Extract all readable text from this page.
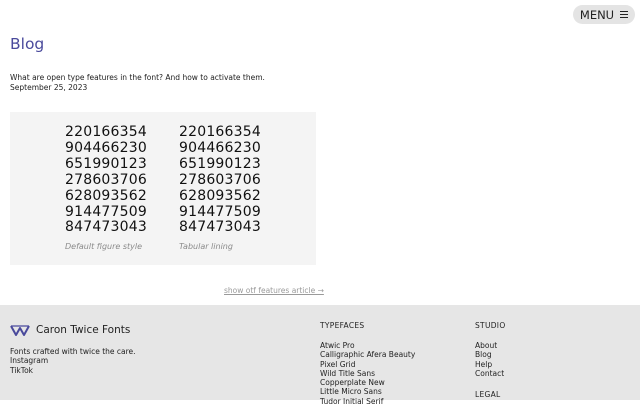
MENU
Blog
What are open type features in the font? And how to activate them.
September 25, 2023
220166354
904466230
651990123
278603706
628093562
914477509
847473043
Default figure style
220166354
904466230
651990123
278603706
628093562
914477509
847473043
Tabular lining
show otf features article →
Caron Twice Fonts
Fonts crafted with twice the care.
Instagram
TikTok
TYPEFACES
Atwic Pro
Calligraphic Afera Beauty
Pixel Grid
Wild Title Sans
Copperplate New
Little Micro Sans
Tudor Initial Serif
STUDIO
About
Blog
Help
Contact
LEGAL
